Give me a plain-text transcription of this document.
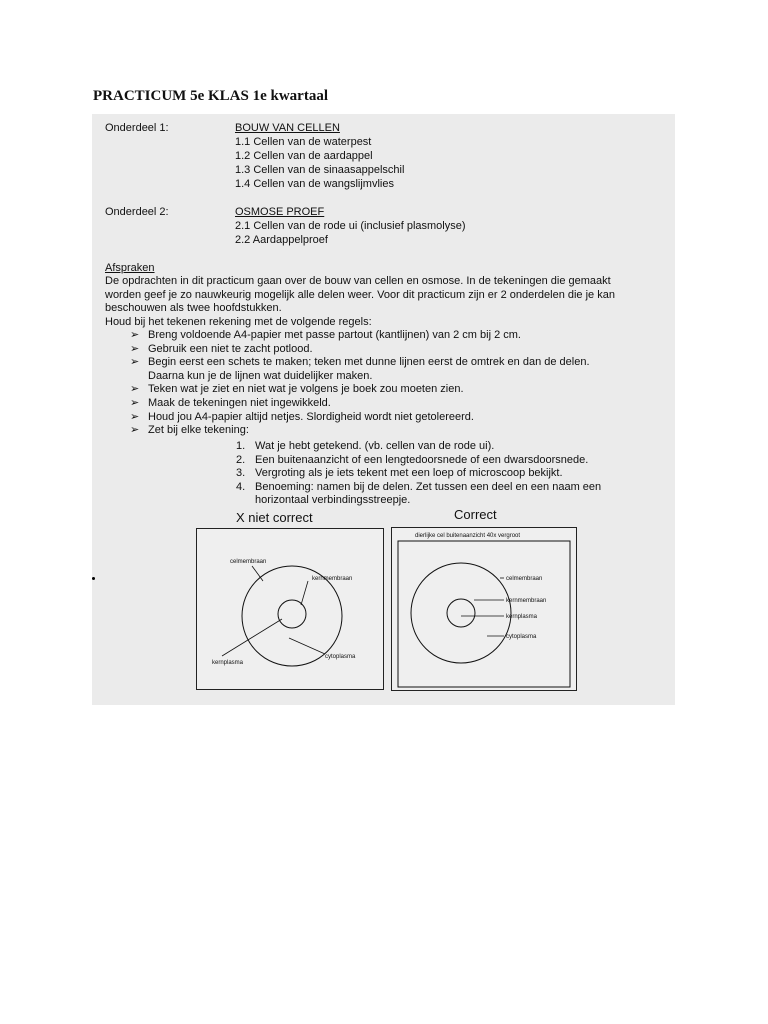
PRACTICUM 5e KLAS 1e kwartaal
Onderdeel 1:	BOUW VAN CELLEN
1.1 Cellen van de waterpest
1.2 Cellen van de aardappel
1.3 Cellen van de sinaasappelschil
1.4 Cellen van de wangslijmvlies
Onderdeel 2:	OSMOSE PROEF
2.1 Cellen van de rode ui (inclusief plasmolyse)
2.2 Aardappelproef
Afspraken
De opdrachten in dit practicum gaan over de bouw van cellen en osmose. In de tekeningen die gemaakt
worden geef je zo nauwkeurig mogelijk alle delen weer. Voor dit practicum zijn er 2 onderdelen die je kan
beschouwen als twee hoofdstukken.
Houd bij het tekenen rekening met de volgende regels:
➢ Breng voldoende A4-papier met passe partout (kantlijnen) van 2 cm bij 2 cm.
➢ Gebruik een niet te zacht potlood.
➢ Begin eerst een schets te maken; teken met dunne lijnen eerst de omtrek en dan de delen.
Daarna kun je de lijnen wat duidelijker maken.
➢ Teken wat je ziet en niet wat je volgens je boek zou moeten zien.
➢ Maak de tekeningen niet ingewikkeld.
➢ Houd jou A4-papier altijd netjes. Slordigheid wordt niet getolereerd.
➢ Zet bij elke tekening:
1. Wat je hebt getekend. (vb. cellen van de rode ui).
2. Een buitenaanzicht of een lengtedoorsnede of een dwarsdoorsnede.
3. Vergroting als je iets tekent met een loep of microscoop bekijkt.
4. Benoeming: namen bij de delen. Zet tussen een deel en een naam een
horizontaal verbindingsstreepje.
X niet correct	Correct
celmembraan
kernmembraan
kernplasma
cytoplasma
dierlijke cel buitenaanzicht 40x vergroot
celmembraan
kernmembraan
kernplasma
cytoplasma
